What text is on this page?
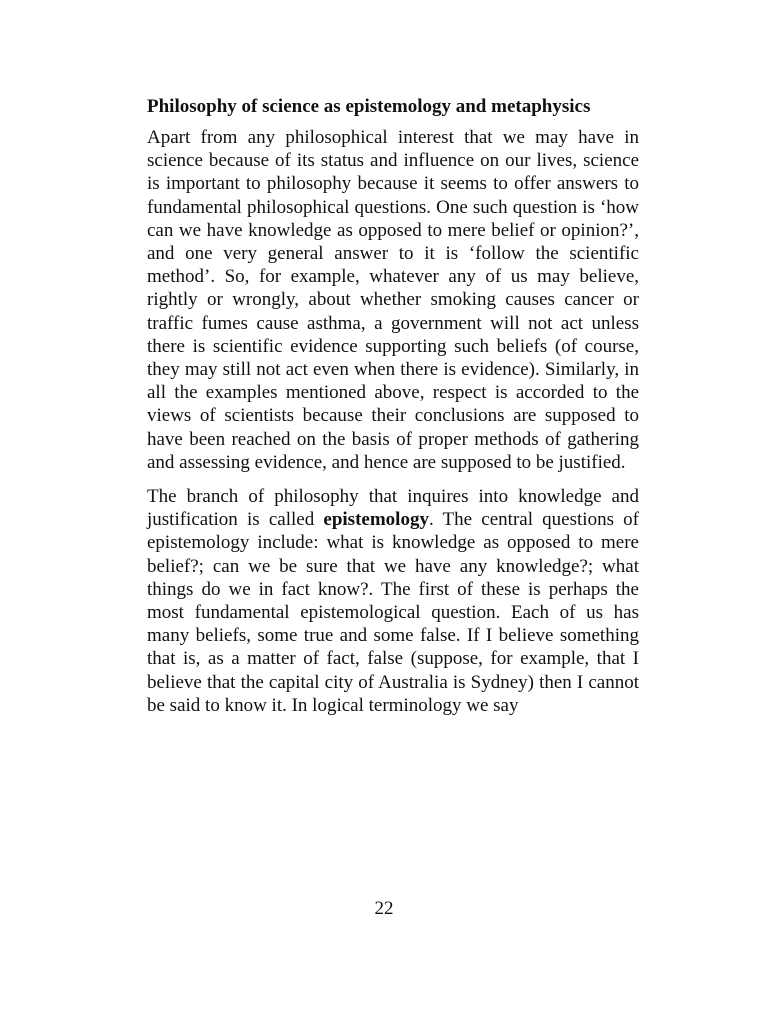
Philosophy of science as epistemology and metaphysics

Apart from any philosophical interest that we may have in science because of its status and influence on our lives, science is important to philosophy because it seems to offer answers to fundamental philosophical questions. One such question is ‘how can we have knowledge as opposed to mere belief or opinion?’, and one very general answer to it is ‘follow the scientific method’. So, for example, whatever any of us may believe, rightly or wrongly, about whether smoking causes cancer or traffic fumes cause asthma, a government will not act unless there is scientific evidence supporting such beliefs (of course, they may still not act even when there is evidence). Similarly, in all the examples mentioned above, respect is accorded to the views of scientists because their conclusions are supposed to have been reached on the basis of proper methods of gathering and assessing evidence, and hence are supposed to be justified.

The branch of philosophy that inquires into knowledge and justification is called epistemology. The central questions of epistemology include: what is knowledge as opposed to mere belief?; can we be sure that we have any knowledge?; what things do we in fact know?. The first of these is perhaps the most fundamental epistemological question. Each of us has many beliefs, some true and some false. If I believe something that is, as a matter of fact, false (suppose, for example, that I believe that the capital city of Australia is Sydney) then I cannot be said to know it. In logical terminology we say

22
